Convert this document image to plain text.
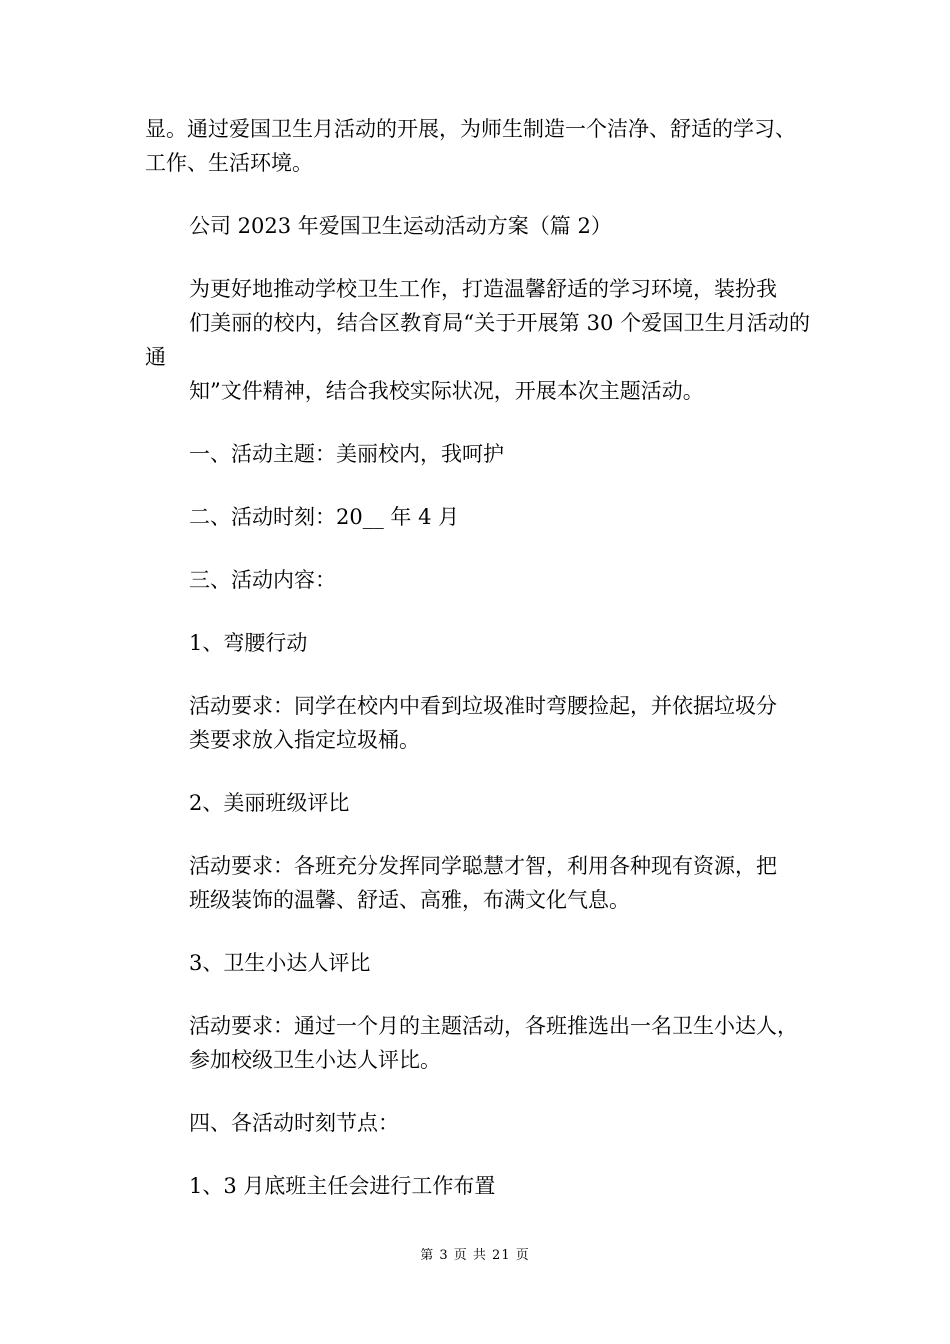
显。通过爱国卫生月活动的开展，为师生制造一个洁净、舒适的学习、
工作、生活环境。

公司 2023 年爱国卫生运动活动方案（篇 2）

为更好地推动学校卫生工作，打造温馨舒适的学习环境，装扮我
们美丽的校内，结合区教育局“关于开展第 30 个爱国卫生月活动的通
知”文件精神，结合我校实际状况，开展本次主题活动。

一、活动主题：美丽校内，我呵护

二、活动时刻：20__ 年 4 月

三、活动内容：

1、弯腰行动

活动要求：同学在校内中看到垃圾准时弯腰捡起，并依据垃圾分
类要求放入指定垃圾桶。

2、美丽班级评比

活动要求：各班充分发挥同学聪慧才智，利用各种现有资源，把
班级装饰的温馨、舒适、高雅，布满文化气息。

3、卫生小达人评比

活动要求：通过一个月的主题活动，各班推选出一名卫生小达人，
参加校级卫生小达人评比。

四、各活动时刻节点：

1、3 月底班主任会进行工作布置

第 3 页 共 21 页
